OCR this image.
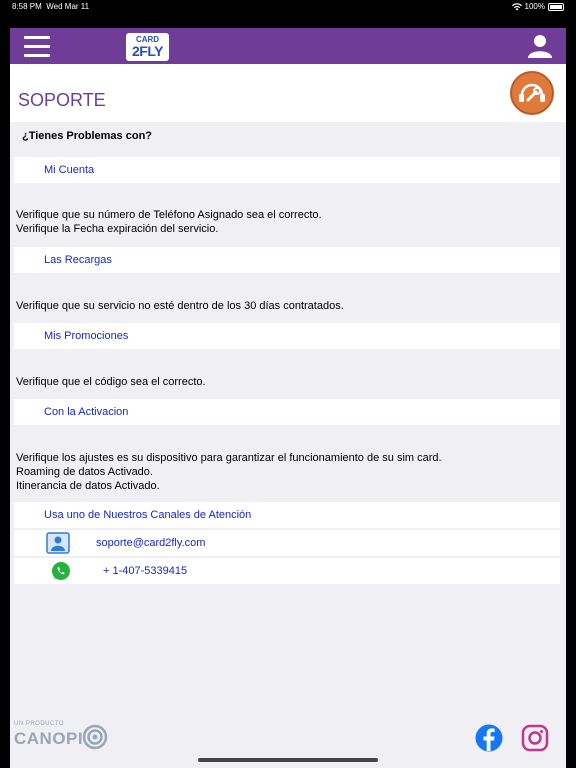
8:58 PM Wed Mar 11	100%
CARD
2FLY
SOPORTE
¿Tienes Problemas con?
Mi Cuenta
Verifique que su número de Teléfono Asignado sea el correcto.
Verifique la Fecha expiración del servicio.
Las Recargas
Verifique que su servicio no esté dentro de los 30 días contratados.
Mis Promociones
Verifique que el código sea el correcto.
Con la Activacion
Verifique los ajustes es su dispositivo para garantizar el funcionamiento de su sim card.
Roaming de datos Activado.
Itinerancia de datos Activado.
Usa uno de Nuestros Canales de Atención
soporte@card2fly.com
+ 1-407-5339415
UN PRODUCTO
CANOPI
